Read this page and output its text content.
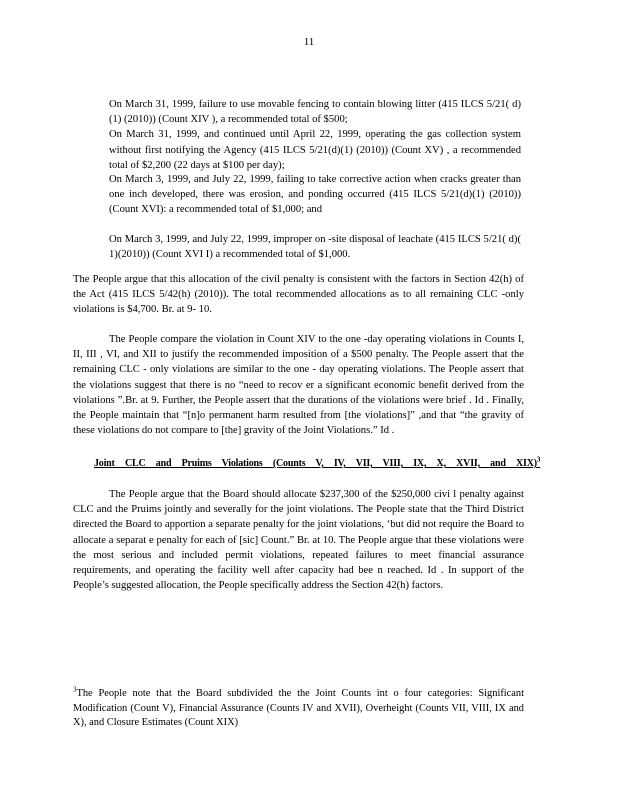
11

On March 31, 1999, failure to use movable fencing to contain blowing litter (415 ILCS 5/21( d)(1) (2010)) (Count XIV ), a recommended total of $500;

On March 31, 1999, and continued until April 22, 1999, operating the gas collection system without first notifying the Agency (415 ILCS 5/21(d)(1) (2010)) (Count XV) , a recommended total of $2,200 (22 days at $100 per day);

On March 3, 1999, and July 22, 1999, failing to take corrective action when cracks greater than one inch developed, there was erosion, and ponding occurred (415 ILCS 5/21(d)(1) (2010)) (Count XVI): a recommended total of $1,000; and

On March 3, 1999, and July 22, 1999, improper on -site disposal of leachate (415 ILCS 5/21( d)( 1)(2010)) (Count XVI I) a recommended total of $1,000.

The People argue that this allocation of the civil penalty is consistent with the factors in Section 42(h) of the Act (415 ILCS 5/42(h) (2010)). The total recommended allocations as to all remaining CLC -only violations is $4,700. Br. at 9- 10.

The People compare the violation in Count XIV to the one -day operating violations in Counts I, II, III , VI, and XII to justify the recommended imposition of a $500 penalty. The People assert that the remaining CLC - only violations are similar to the one - day operating violations. The People assert that the violations suggest that there is no “need to recov er a significant economic benefit derived from the violations ”.Br. at 9. Further, the People assert that the durations of the violations were brief . Id . Finally, the People maintain that “[n]o permanent harm resulted from [the violations]” ,and that “the gravity of these violations do not compare to [the] gravity of the Joint Violations.” Id .

Joint CLC and Pruims Violations (Counts V, IV, VII, VIII, IX, X, XVII, and XIX)$^3$

The People argue that the Board should allocate $237,300 of the $250,000 civi l penalty against CLC and the Pruims jointly and severally for the joint violations. The People state that the Third District directed the Board to apportion a separate penalty for the joint violations, ‘but did not require the Board to allocate a separat e penalty for each of [sic] Count.” Br. at 10. The People argue that these violations were the most serious and included permit violations, repeated failures to meet financial assurance requirements, and operating the facility well after capacity had bee n reached. Id . In support of the People’s suggested allocation, the People specifically address the Section 42(h) factors.

$^3$The People note that the Board subdivided the the Joint Counts int o four categories: Significant Modification (Count V), Financial Assurance (Counts IV and XVII), Overheight (Counts VII, VIII, IX and X), and Closure Estimates (Count XIX)
